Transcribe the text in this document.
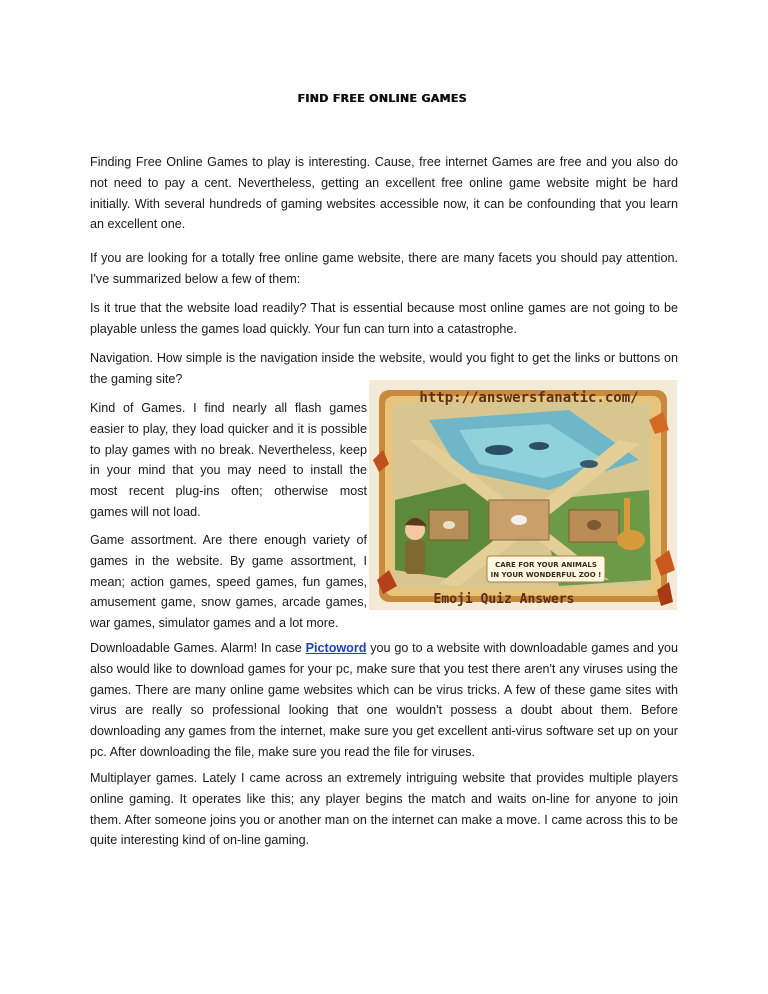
FIND FREE ONLINE GAMES

Finding Free Online Games to play is interesting. Cause, free internet Games are free and you also do not need to pay a cent. Nevertheless, getting an excellent free online game website might be hard initially. With several hundreds of gaming websites accessible now, it can be confounding that you learn an excellent one.

If you are looking for a totally free online game website, there are many facets you should pay attention. I've summarized below a few of them:

Is it true that the website load readily? That is essential because most online games are not going to be playable unless the games load quickly. Your fun can turn into a catastrophe.

Navigation. How simple is the navigation inside the website, would you fight to get the links or buttons on the gaming site?

Kind of Games. I find nearly all flash games easier to play, they load quicker and it is possible to play games with no break. Nevertheless, keep in your mind that you may need to install the most recent plug-ins often; otherwise most games will not load.

Game assortment. Are there enough variety of games in the website. By game assortment, I mean; action games, speed games, fun games, amusement game, snow games, arcade games, war games, simulator games and a lot more.

Downloadable Games. Alarm! In case Pictoword you go to a website with downloadable games and you also would like to download games for your pc, make sure that you test there aren't any viruses using the games. There are many online game websites which can be virus tricks. A few of these game sites with virus are really so professional looking that one wouldn't possess a doubt about them. Before downloading any games from the internet, make sure you get excellent anti-virus software set up on your pc. After downloading the file, make sure you read the file for viruses.

Multiplayer games. Lately I came across an extremely intriguing website that provides multiple players online gaming. It operates like this; any player begins the match and waits on-line for anyone to join them. After someone joins you or another man on the internet can make a move. I came across this to be quite interesting kind of on-line gaming.

http://answersfanatic.com/
CARE FOR YOUR ANIMALS
IN YOUR WONDERFUL ZOO !
Emoji Quiz Answers
